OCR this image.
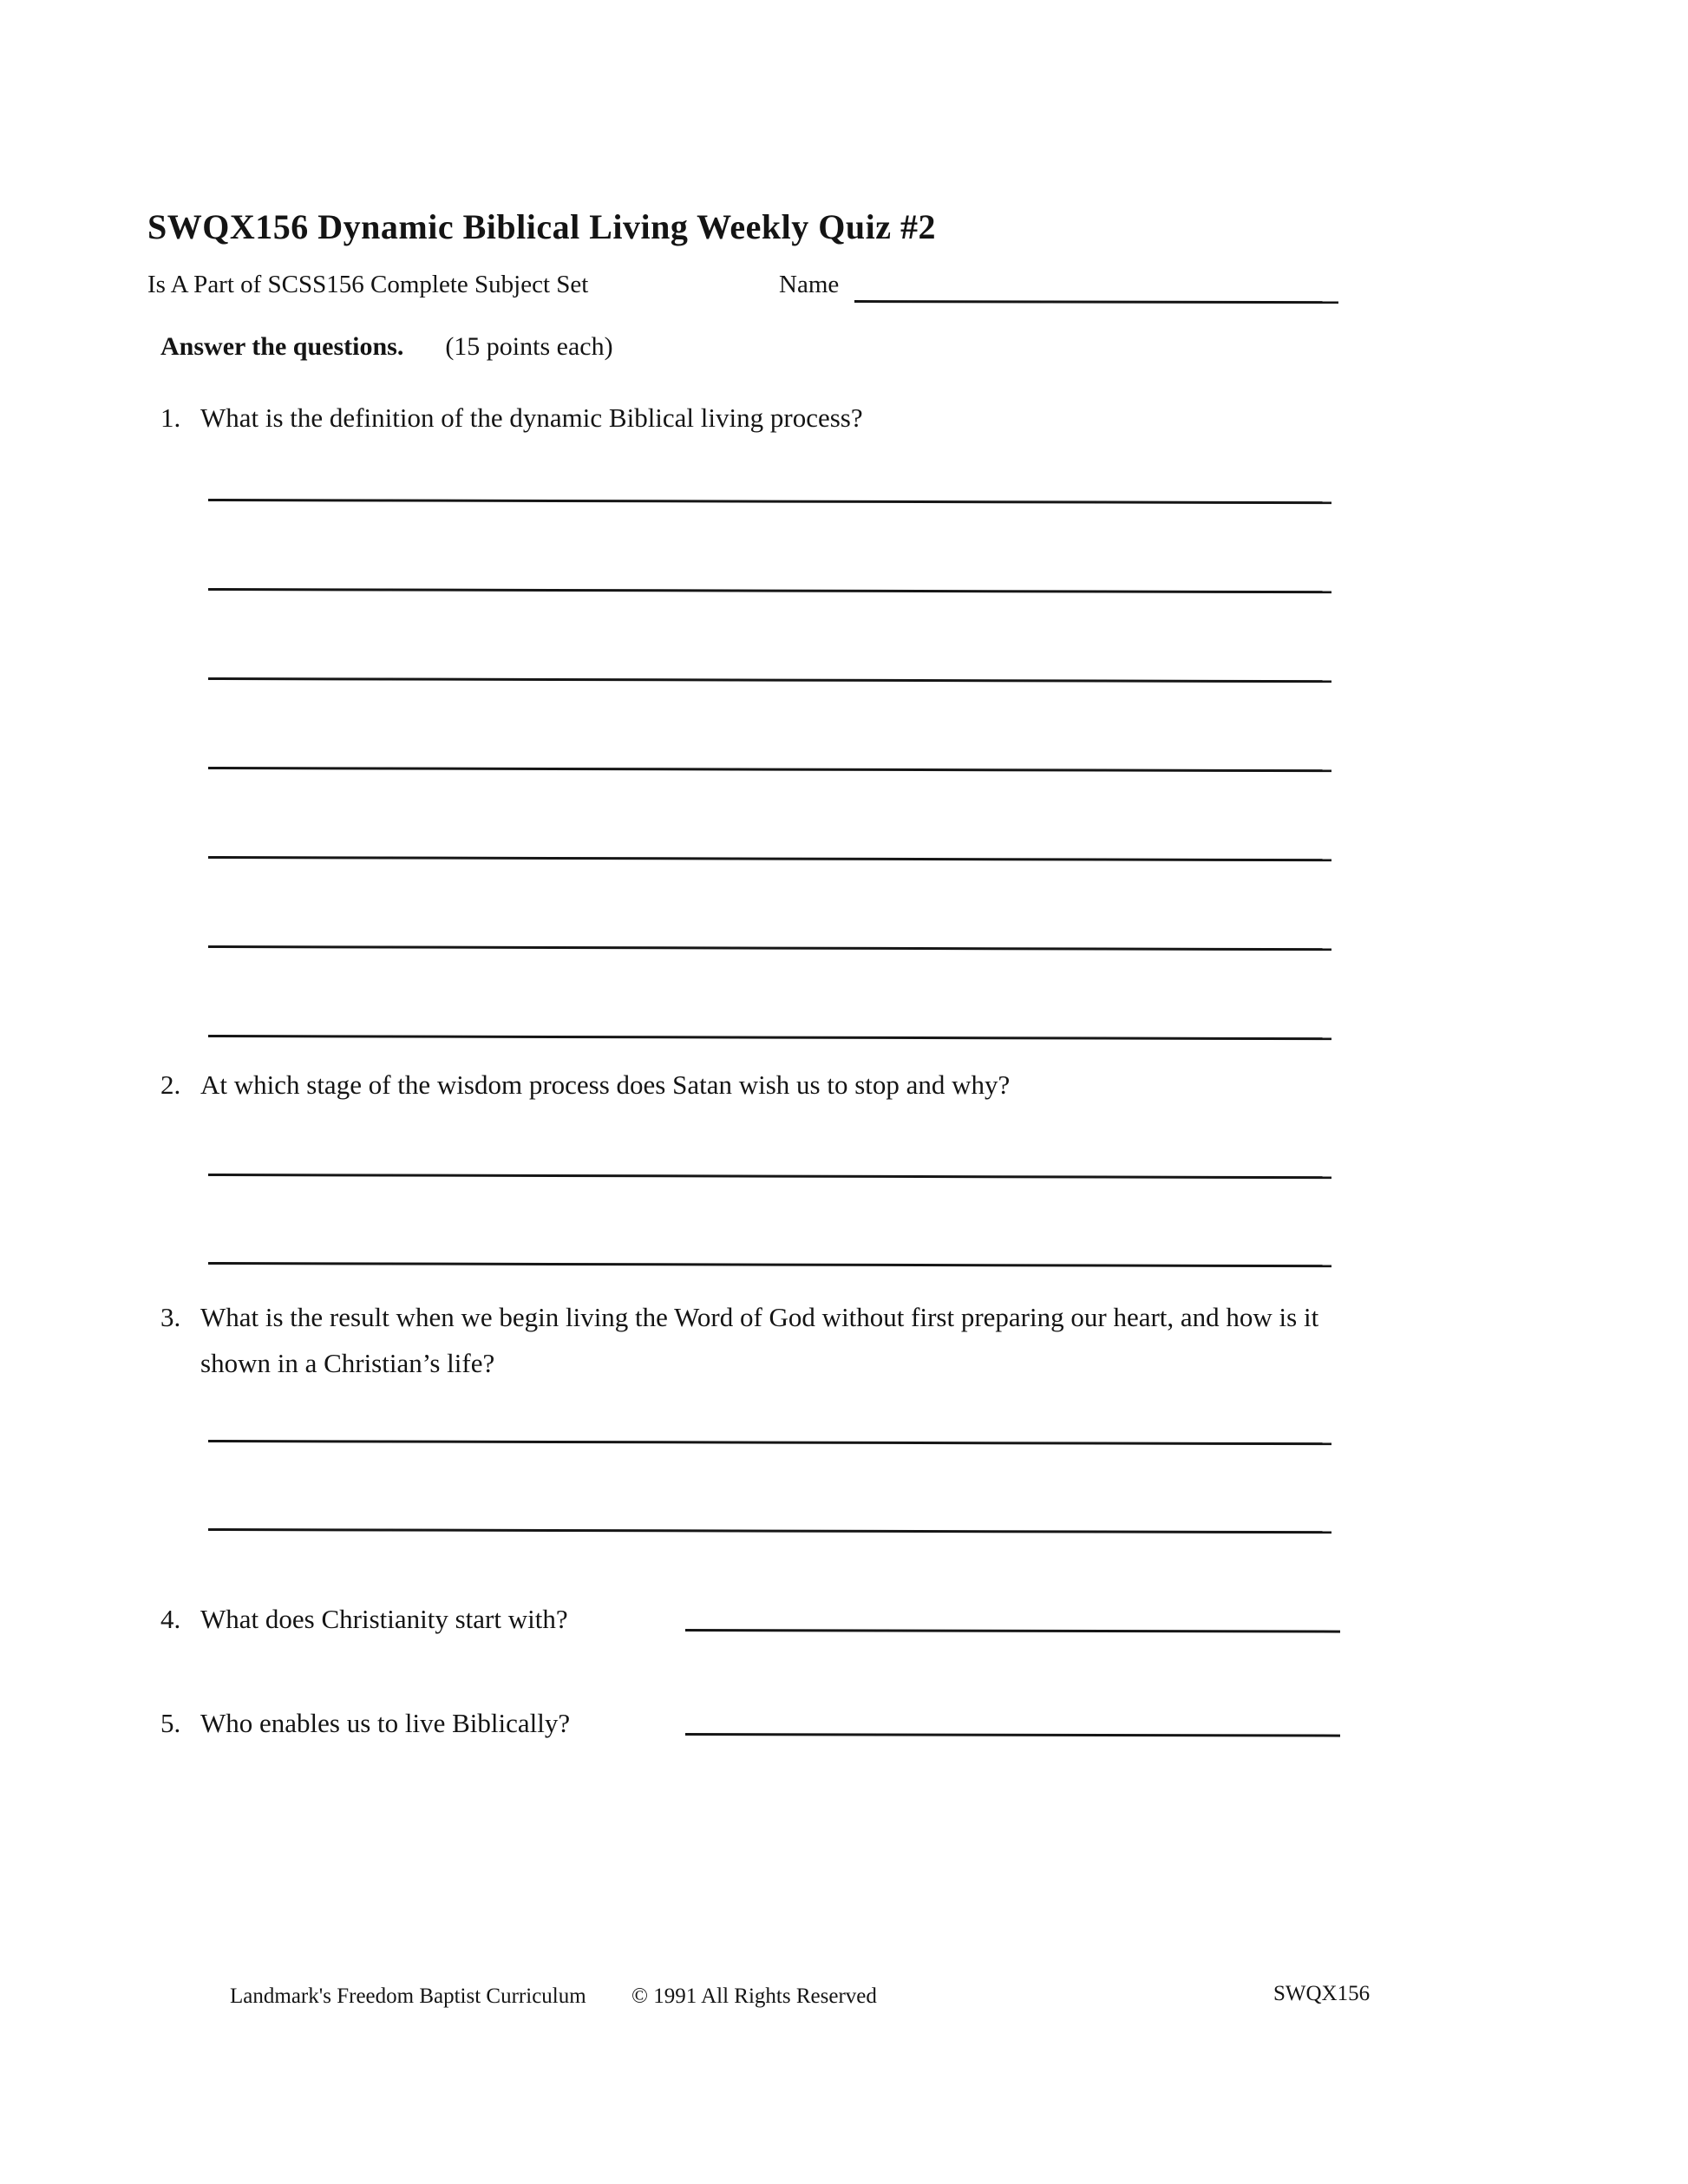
SWQX156 Dynamic Biblical Living Weekly Quiz #2
Is A Part of SCSS156 Complete Subject Set	Name
Answer the questions. (15 points each)
1. What is the definition of the dynamic Biblical living process?
2. At which stage of the wisdom process does Satan wish us to stop and why?
3. What is the result when we begin living the Word of God without first preparing our heart, and how is it shown in a Christian’s life?
4. What does Christianity start with?
5. Who enables us to live Biblically?
Landmark's Freedom Baptist Curriculum © 1991 All Rights Reserved	SWQX156
